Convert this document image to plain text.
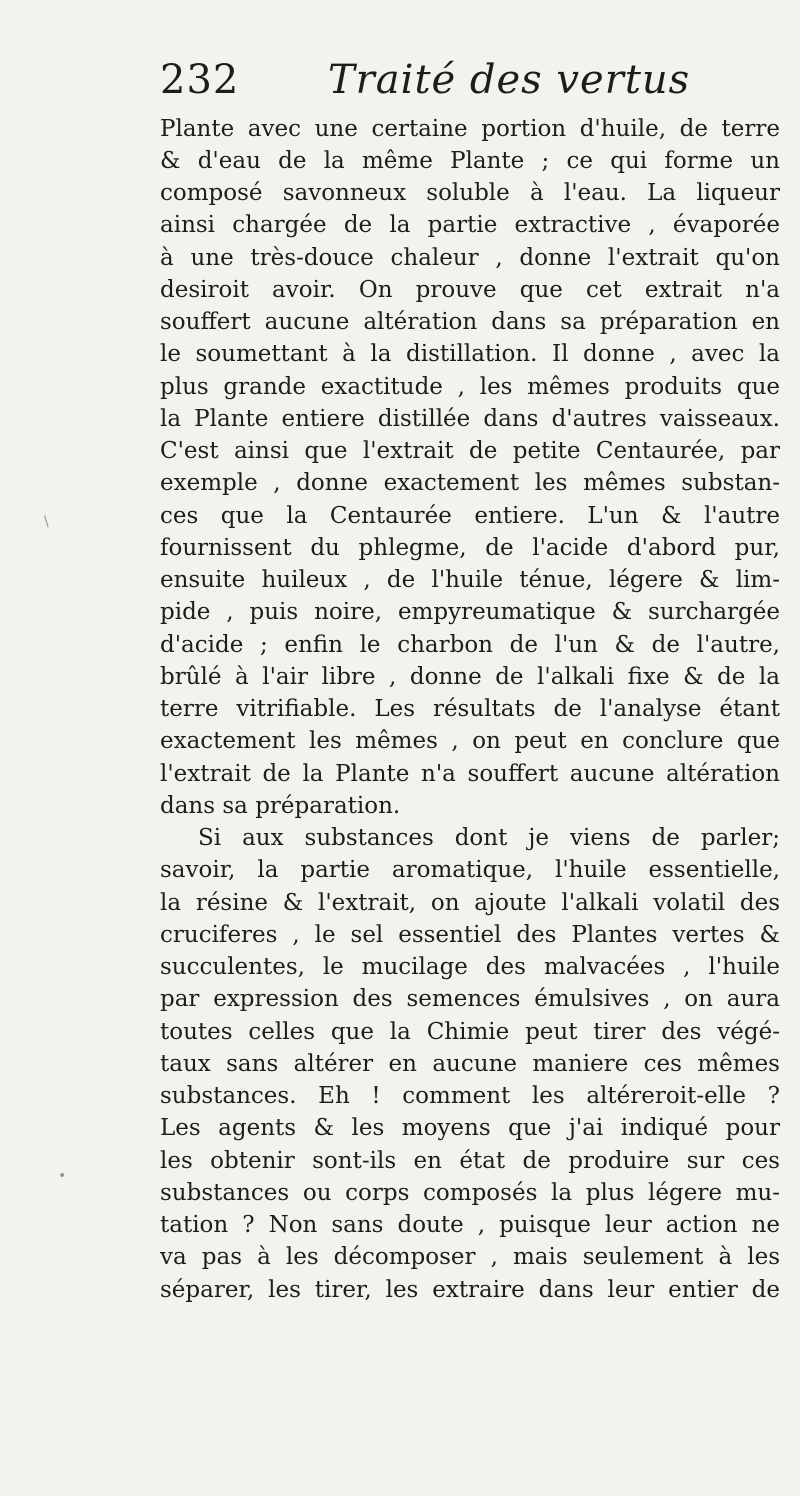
232 Traité des vertus
Plante avec une certaine portion d'huile, de terre
& d'eau de la même Plante ; ce qui forme un
composé savonneux soluble à l'eau. La liqueur
ainsi chargée de la partie extractive , évaporée
à une très-douce chaleur , donne l'extrait qu'on
desiroit avoir. On prouve que cet extrait n'a
souffert aucune altération dans sa préparation en
le soumettant à la distillation. Il donne , avec la
plus grande exactitude , les mêmes produits que
la Plante entiere distillée dans d'autres vaisseaux.
C'est ainsi que l'extrait de petite Centaurée, par
exemple , donne exactement les mêmes substan-
ces que la Centaurée entiere. L'un & l'autre
fournissent du phlegme, de l'acide d'abord pur,
ensuite huileux , de l'huile ténue, légere & lim-
pide , puis noire, empyreumatique & surchargée
d'acide ; enfin le charbon de l'un & de l'autre,
brûlé à l'air libre , donne de l'alkali fixe & de la
terre vitrifiable. Les résultats de l'analyse étant
exactement les mêmes , on peut en conclure que
l'extrait de la Plante n'a souffert aucune altération
dans sa préparation.
Si aux substances dont je viens de parler;
savoir, la partie aromatique, l'huile essentielle,
la résine & l'extrait, on ajoute l'alkali volatil des
cruciferes , le sel essentiel des Plantes vertes &
succulentes, le mucilage des malvacées , l'huile
par expression des semences émulsives , on aura
toutes celles que la Chimie peut tirer des végé-
taux sans altérer en aucune maniere ces mêmes
substances. Eh ! comment les altéreroit-elle ?
Les agents & les moyens que j'ai indiqué pour
les obtenir sont-ils en état de produire sur ces
substances ou corps composés la plus légere mu-
tation ? Non sans doute , puisque leur action ne
va pas à les décomposer , mais seulement à les
séparer, les tirer, les extraire dans leur entier de
\
•
